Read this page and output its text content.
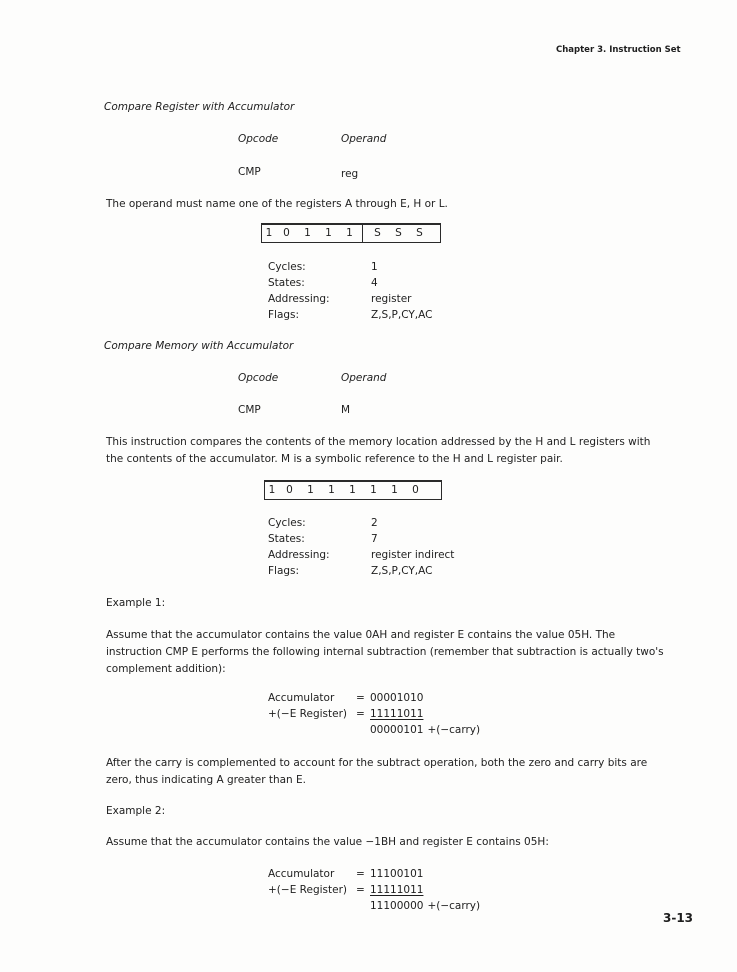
Chapter 3. Instruction Set
Compare Register with Accumulator
Opcode	Operand
CMP	reg
The operand must name one of the registers A through E, H or L.
1	0	1	1	1	S	S	S
Cycles:	1
States:	4
Addressing:	register
Flags:	Z,S,P,CY,AC
Compare Memory with Accumulator
Opcode	Operand
CMP	M
This instruction compares the contents of the memory location addressed by the H and L registers with the contents of the accumulator. M is a symbolic reference to the H and L register pair.
1	0	1	1	1	1	1	0
Cycles:	2
States:	7
Addressing:	register indirect
Flags:	Z,S,P,CY,AC
Example 1:
Assume that the accumulator contains the value 0AH and register E contains the value 05H. The instruction CMP E performs the following internal subtraction (remember that subtraction is actually two's complement addition):
Accumulator	= 00001010
+(−E Register) = 11111011
00000101 +(−carry)
After the carry is complemented to account for the subtract operation, both the zero and carry bits are zero, thus indicating A greater than E.
Example 2:
Assume that the accumulator contains the value −1BH and register E contains 05H:
Accumulator	= 11100101
+(−E Register) = 11111011
11100000 +(−carry)
3-13
